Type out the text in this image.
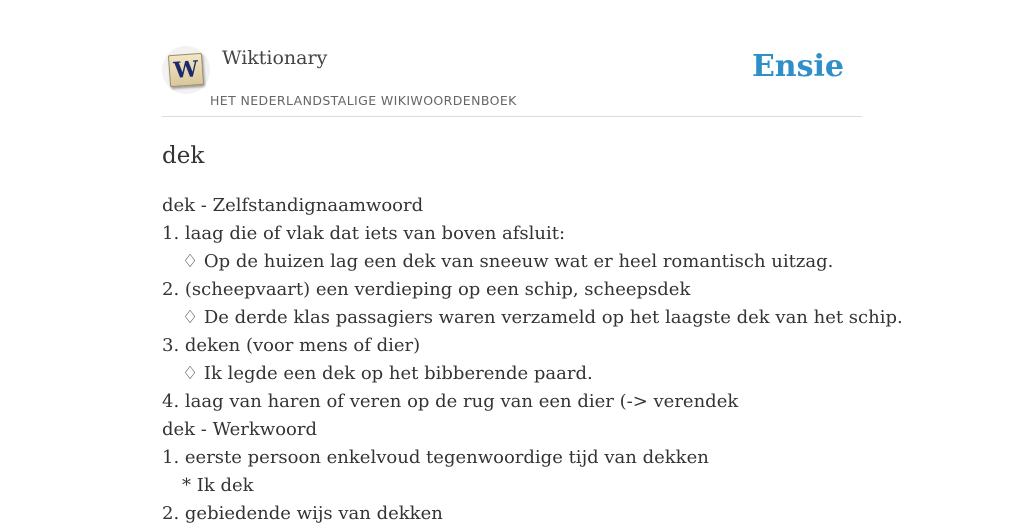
W Wiktionary
HET NEDERLANDSTALIGE WIKIWOORDENBOEK
Ensie
dek
dek - Zelfstandignaamwoord
1. laag die of vlak dat iets van boven afsluit:
♢ Op de huizen lag een dek van sneeuw wat er heel romantisch uitzag.
2. (scheepvaart) een verdieping op een schip, scheepsdek
♢ De derde klas passagiers waren verzameld op het laagste dek van het schip.
3. deken (voor mens of dier)
♢ Ik legde een dek op het bibberende paard.
4. laag van haren of veren op de rug van een dier (-> verendek
dek - Werkwoord
1. eerste persoon enkelvoud tegenwoordige tijd van dekken
* Ik dek
2. gebiedende wijs van dekken
